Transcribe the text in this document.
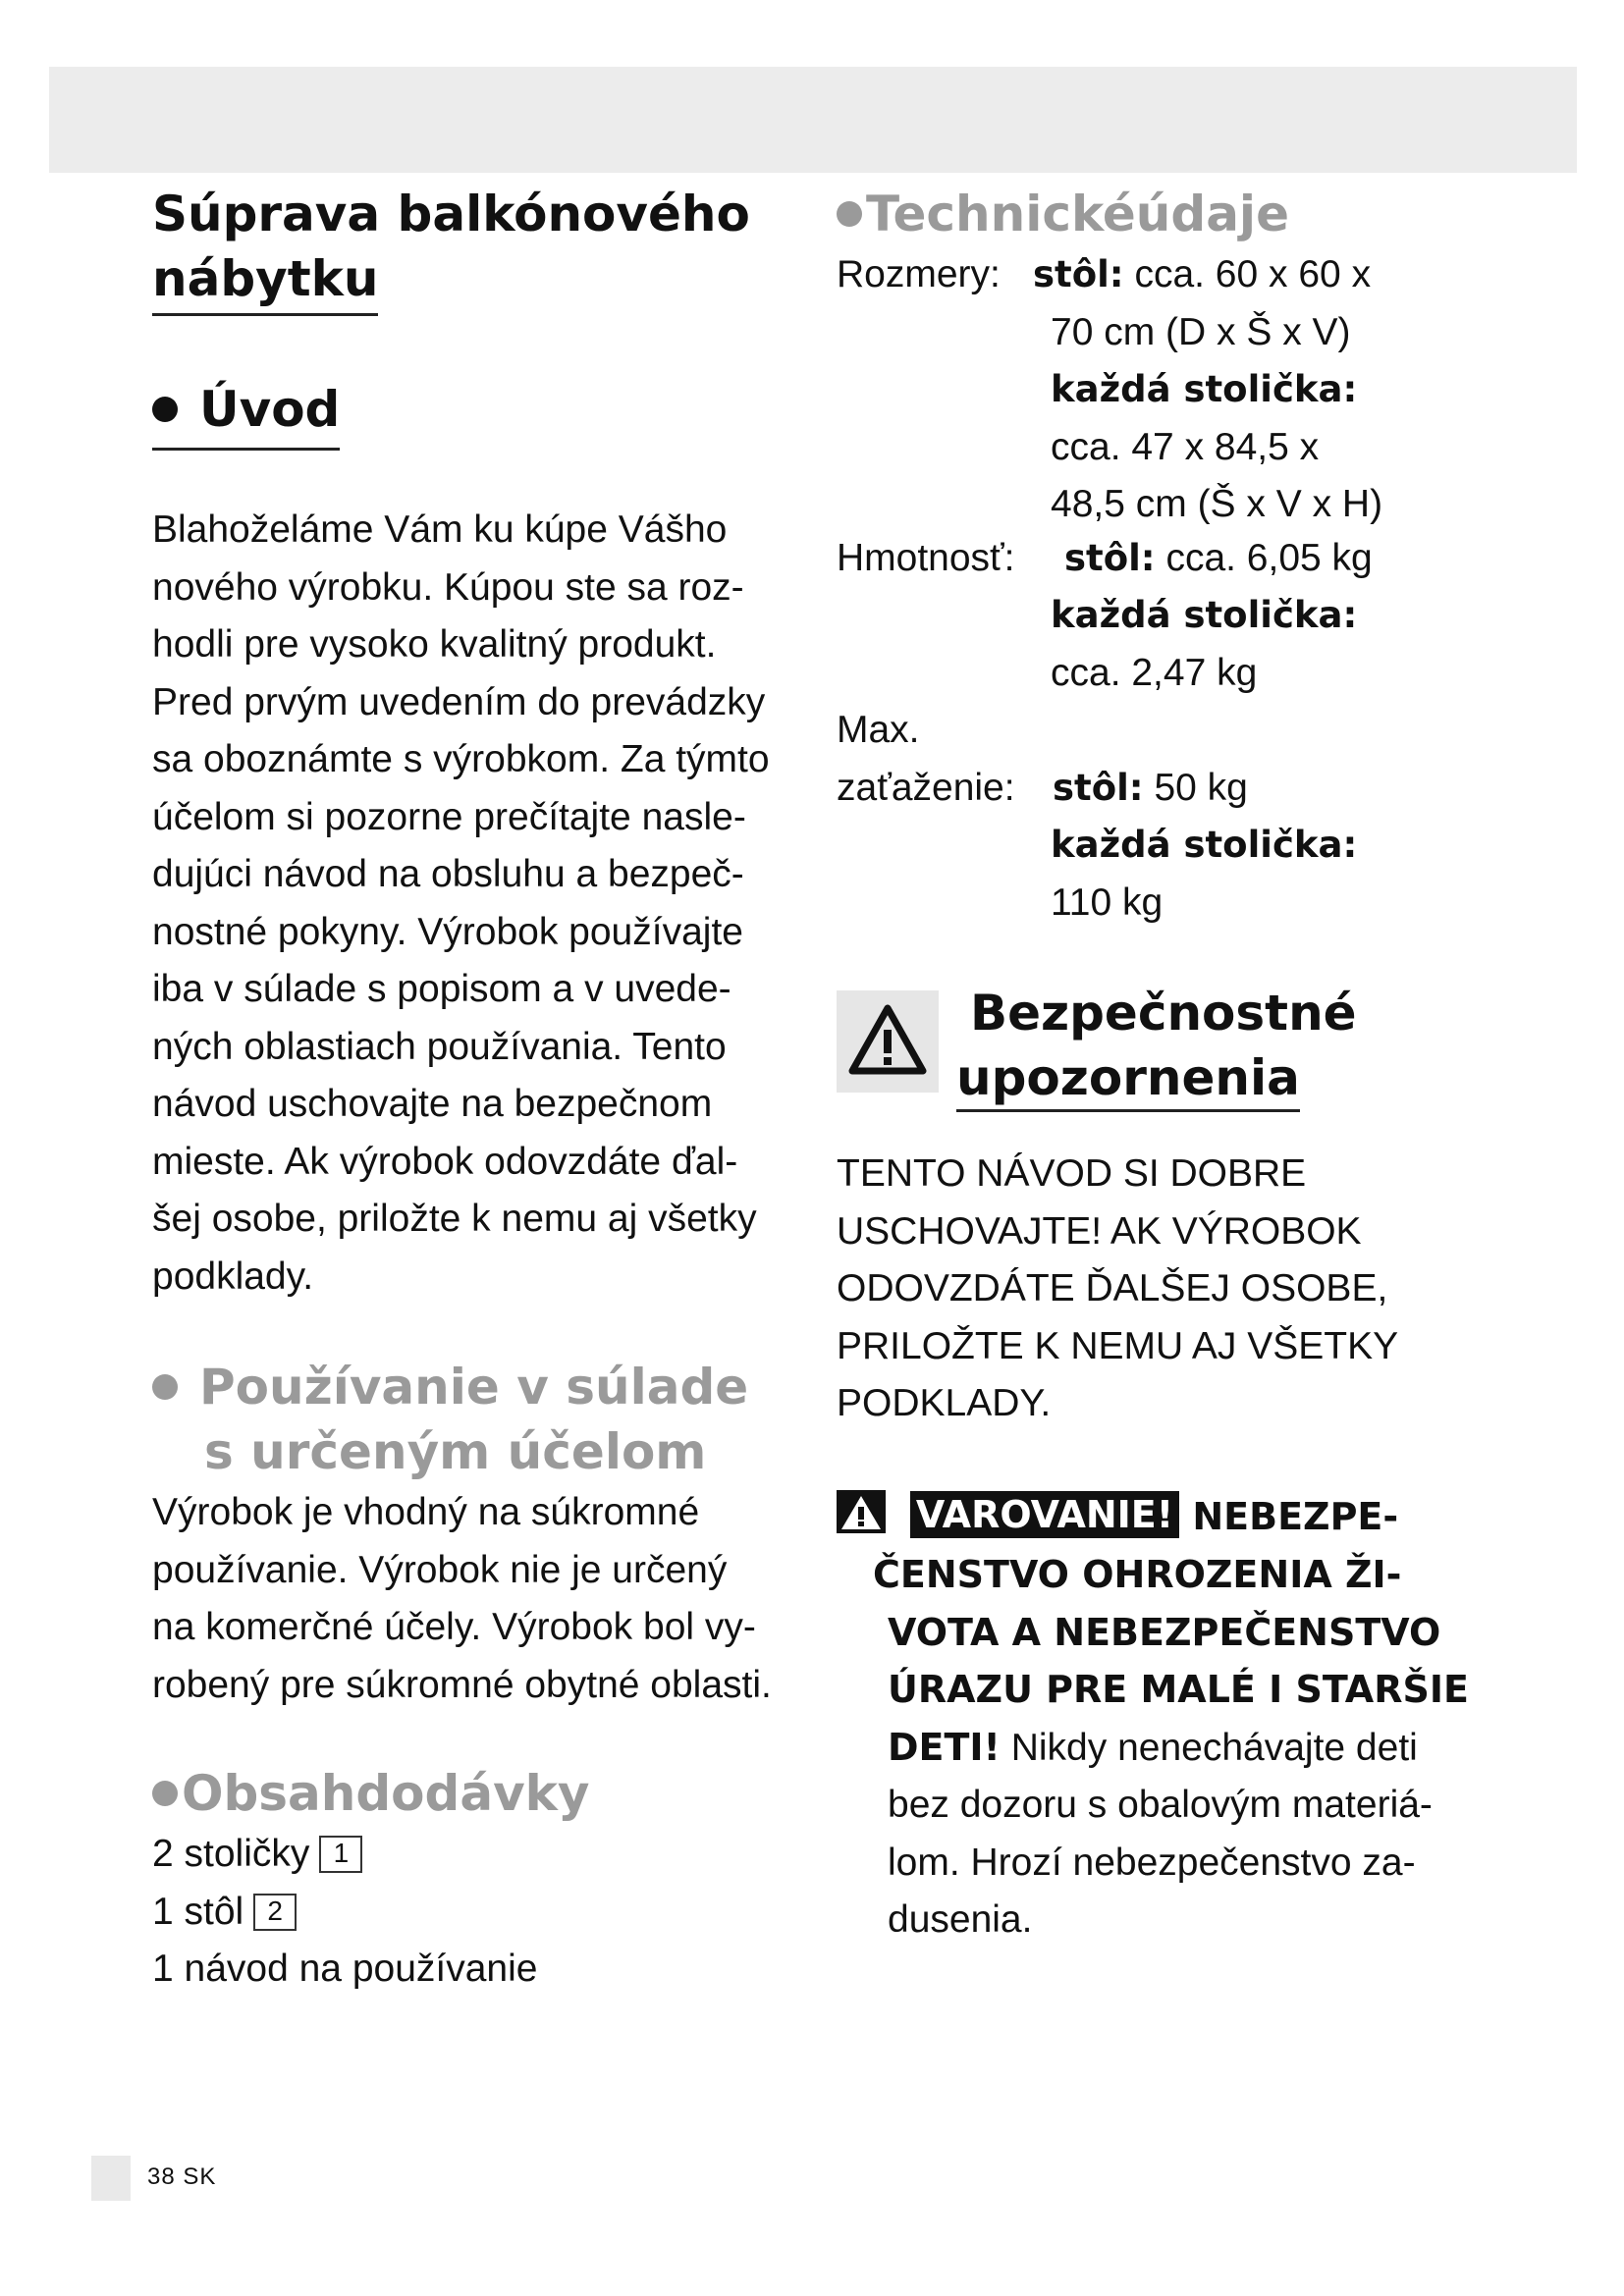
Súprava balkónového
nábytku
Úvod

Blahoželáme Vám ku kúpe Vášho
nového výrobku. Kúpou ste sa roz-
hodli pre vysoko kvalitný produkt.
Pred prvým uvedením do prevádzky
sa oboznámte s výrobkom. Za týmto
účelom si pozorne prečítajte nasle-
dujúci návod na obsluhu a bezpeč-
nostné pokyny. Výrobok používajte
iba v súlade s popisom a v uvede-
ných oblastiach používania. Tento
návod uschovajte na bezpečnom
mieste. Ak výrobok odovzdáte ďal-
šej osobe, priložte k nemu aj všetky
podklady.

Používanie v súlade
s určeným účelom

Výrobok je vhodný na súkromné
používanie. Výrobok nie je určený
na komerčné účely. Výrobok bol vy-
robený pre súkromné obytné oblasti.

Obsahdodávky

2 stoličky 1
1 stôl 2
1 návod na používanie

Technickéúdaje
Rozmery: stôl: cca. 60 x 60 x
70 cm (D x Š x V)
každá stolička:
cca. 47 x 84,5 x
48,5 cm (Š x V x H)
Hmotnosť: stôl: cca. 6,05 kg
každá stolička:
cca. 2,47 kg
Max.
zaťaženie: stôl: 50 kg
každá stolička:
110 kg
Bezpečnostné
upozornenia

TENTO NÁVOD SI DOBRE
USCHOVAJTE! AK VÝROBOK
ODOVZDÁTE ĎALŠEJ OSOBE,
PRILOŽTE K NEMU AJ VŠETKY
PODKLADY.

VAROVANIE! NEBEZPE-
ČENSTVO OHROZENIA ŽI-
VOTA A NEBEZPEČENSTVO
ÚRAZU PRE MALÉ I STARŠIE
DETI! Nikdy nenechávajte deti
bez dozoru s obalovým materiá-
lom. Hrozí nebezpečenstvo za-
dusenia.
38 SK
